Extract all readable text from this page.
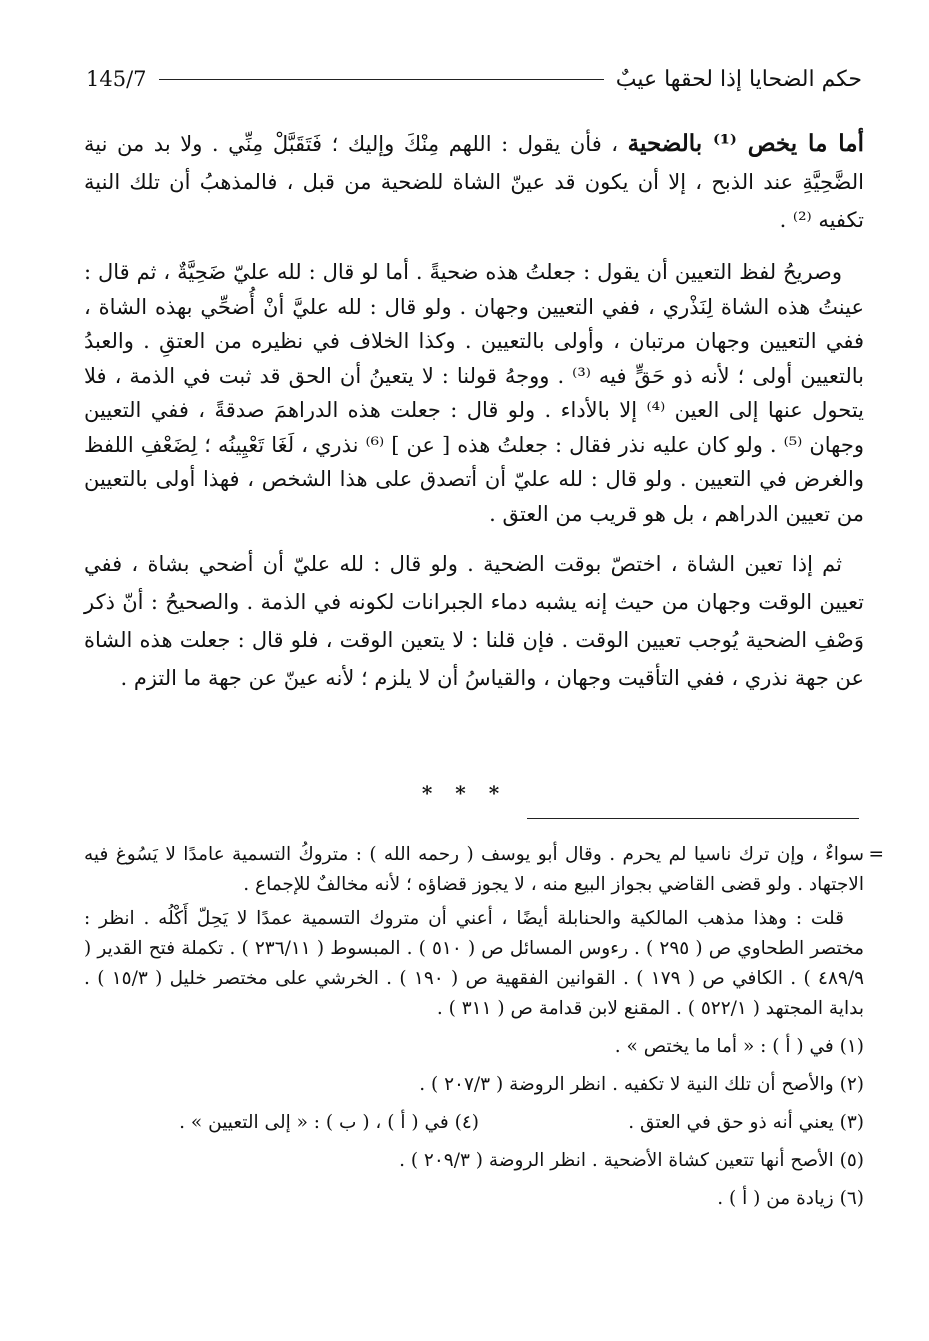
145/7	حكم الضحايا إذا لحقها عيبٌ

أما ما يخص ⁽¹⁾ بالضحية ، فأن يقول : اللهم مِنْكَ وإليك ؛ فَتَقَبَّلْ مِنِّي . ولا بد من نية الضَّحِيَّةِ عند الذبح ، إلا أن يكون قد عينّ الشاة للضحية من قبل ، فالمذهبُ أن تلك النية تكفيه ⁽²⁾ .

وصريحُ لفظ التعيين أن يقول : جعلتُ هذه ضحيةً . أما لو قال : لله عليّ ضَحِيَّةٌ ، ثم قال : عينتُ هذه الشاة لِنَذْري ، ففي التعيين وجهان . ولو قال : لله عليَّ أنْ أُضحِّي بهذه الشاة ، ففي التعيين وجهان مرتبان ، وأولى بالتعيين . وكذا الخلاف في نظيره من العتقِ . والعبدُ بالتعيين أولى ؛ لأنه ذو حَقٍّ فيه ⁽³⁾ . ووجهُ قولنا : لا يتعينُ أن الحق قد ثبت في الذمة ، فلا يتحول عنها إلى العين ⁽⁴⁾ إلا بالأداء . ولو قال : جعلت هذه الدراهمَ صدقةً ، ففي التعيين وجهان ⁽⁵⁾ . ولو كان عليه نذر فقال : جعلتُ هذه [ عن ] ⁽⁶⁾ نذري ، لَغَا تَعْيِينُه ؛ لِضَعْفِ اللفظ والغرض في التعيين . ولو قال : لله عليّ أن أتصدق على هذا الشخص ، فهذا أولى بالتعيين من تعيين الدراهم ، بل هو قريب من العتق .

ثم إذا تعين الشاة ، اختصّ بوقت الضحية . ولو قال : لله عليّ أن أضحي بشاة ، ففي تعيين الوقت وجهان من حيث إنه يشبه دماء الجبرانات لكونه في الذمة . والصحيحُ : أنّ ذكر وَصْفِ الضحية يُوجب تعيين الوقت . فإن قلنا : لا يتعين الوقت ، فلو قال : جعلت هذه الشاة عن جهة نذري ، ففي التأقيت وجهان ، والقياسُ أن لا يلزم ؛ لأنه عينّ عن جهة ما التزم .

* * *

=
سواءٌ ، وإن ترك ناسيا لم يحرم . وقال أبو يوسف ( رحمه الله ) : متروكُ التسمية عامدًا لا يَسُوغ فيه الاجتهاد . ولو قضى القاضي بجواز البيع منه ، لا يجوز قضاؤه ؛ لأنه مخالفٌ للإجماع .

قلت : وهذا مذهب المالكية والحنابلة أيضًا ، أعني أن متروك التسمية عمدًا لا يَحِلّ أَكْلُه . انظر : مختصر الطحاوي ص ( ٢٩٥ ) . رءوس المسائل ص ( ٥١٠ ) . المبسوط ( ٢٣٦/١١ ) . تكملة فتح القدير ( ٤٨٩/٩ ) . الكافي ص ( ١٧٩ ) . القوانين الفقهية ص ( ١٩٠ ) . الخرشي على مختصر خليل ( ١٥/٣ ) . بداية المجتهد ( ٥٢٢/١ ) . المقنع لابن قدامة ص ( ٣١١ ) .

(١) في ( أ ) : « أما ما يختص » .

(٢) والأصح أن تلك النية لا تكفيه . انظر الروضة ( ٢٠٧/٣ ) .

(٣) يعني أنه ذو حق في العتق .
(٤) في ( أ ) ، ( ب ) : « إلى التعيين » .

(٥) الأصح أنها تتعين كشاة الأضحية . انظر الروضة ( ٢٠٩/٣ ) .

(٦) زيادة من ( أ ) .
